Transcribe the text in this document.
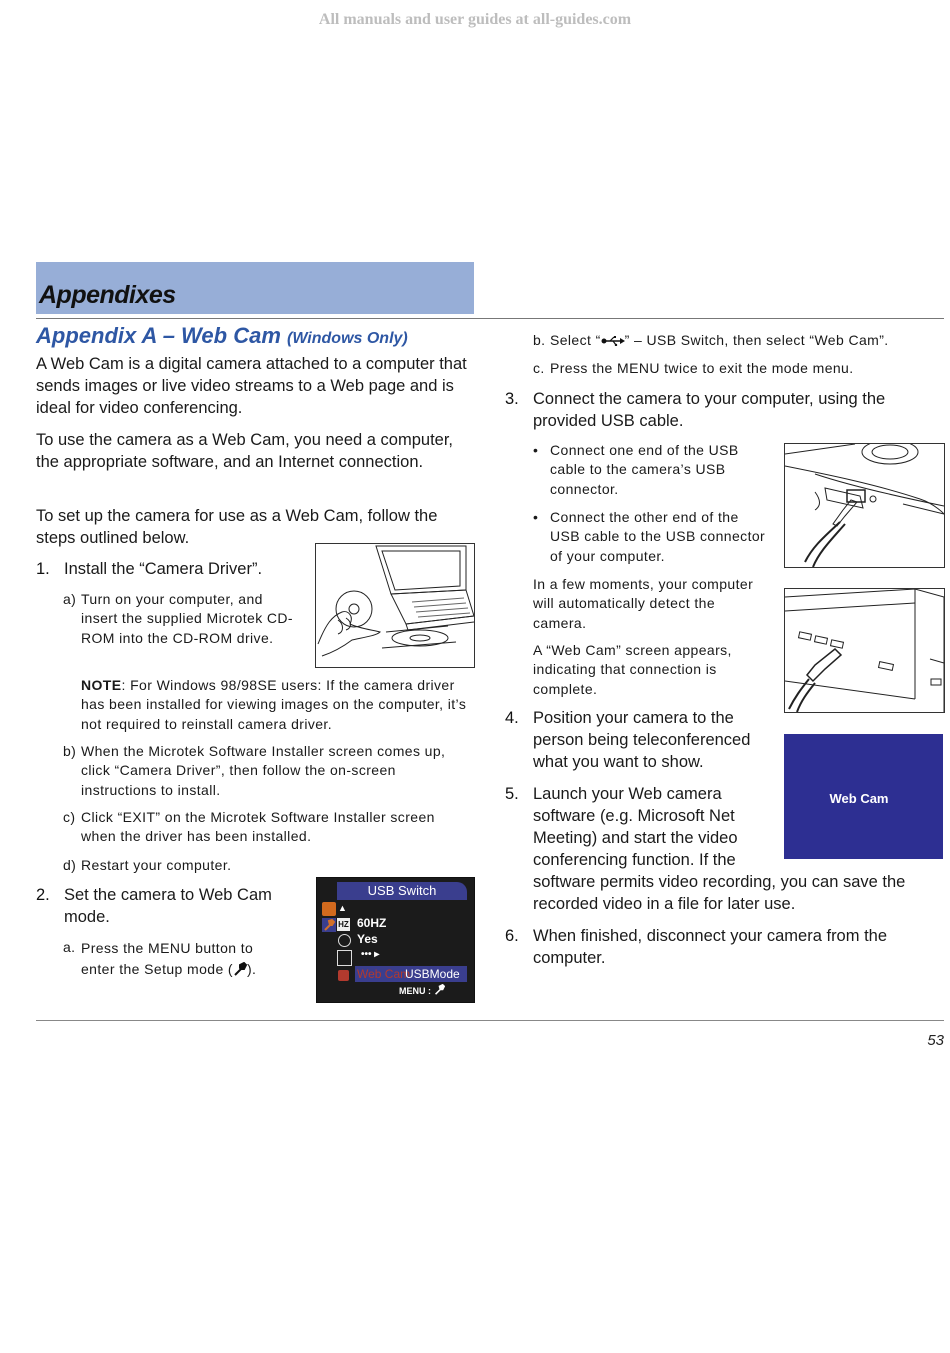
All manuals and user guides at all-guides.com
Appendixes
Appendix A – Web Cam (Windows Only)
A Web Cam is a digital camera attached to a computer that sends images or live video streams to a Web page and is ideal for video conferencing.
To use the camera as a Web Cam, you need a computer, the appropriate software, and an Internet connection.
To set up the camera for use as a Web Cam, follow the steps outlined below.
1. Install the “Camera Driver”.
a) Turn on your computer, and insert the supplied Microtek CD-ROM into the CD-ROM drive.
NOTE: For Windows 98/98SE users: If the camera driver has been installed for viewing images on the computer, it’s not required to reinstall camera driver.
b) When the Microtek Software Installer screen comes up, click “Camera Driver”, then follow the on-screen instructions to install.
c) Click “EXIT” on the Microtek Software Installer screen when the driver has been installed.
d) Restart your computer.
2. Set the camera to Web Cam mode.
a. Press the MENU button to enter the Setup mode ( ).
USB Switch
▲
HZ 60HZ
Yes
••• ▸
Web Cam
USBMode
MENU :
b. Select “ ” – USB Switch, then select “Web Cam”.
c. Press the MENU twice to exit the mode menu.
3. Connect the camera to your computer, using the provided USB cable.
• Connect one end of the USB cable to the camera’s USB connector.
• Connect the other end of the USB cable to the USB connector of your computer.
In a few moments, your computer will automatically detect the camera.
A “Web Cam” screen appears, indicating that connection is complete.
4. Position your camera to the person being teleconferenced what you want to show.
Web Cam
5. Launch your Web camera software (e.g. Microsoft Net Meeting) and start the video conferencing function. If the
software permits video recording, you can save the recorded video in a file for later use.
6. When finished, disconnect your camera from the computer.
53
